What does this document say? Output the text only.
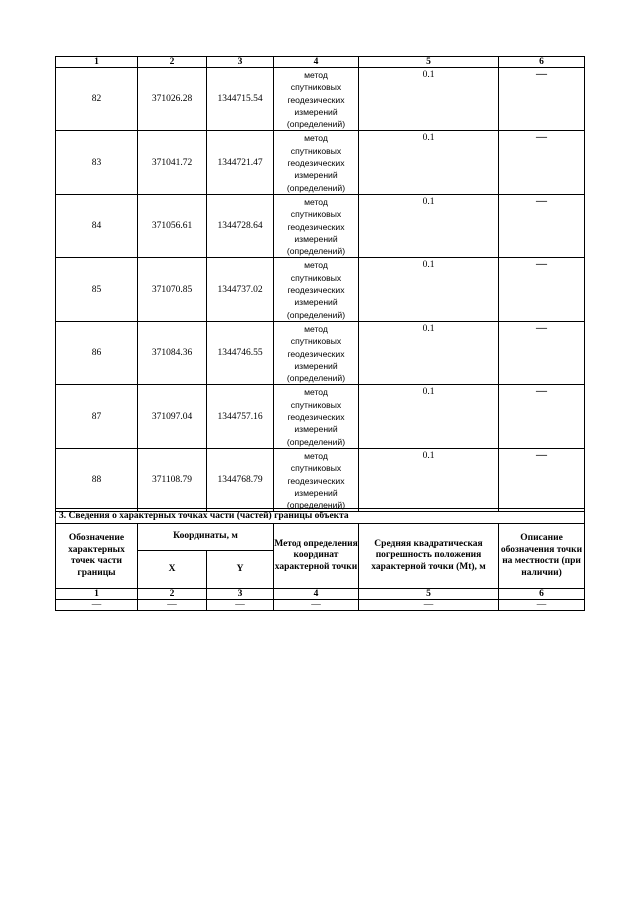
1	2	3	4	5	6
82	371026.28	1344715.54	метод
спутниковых
геодезических
измерений
(определений)	0.1	—
83	371041.72	1344721.47	метод
спутниковых
геодезических
измерений
(определений)	0.1	—
84	371056.61	1344728.64	метод
спутниковых
геодезических
измерений
(определений)	0.1	—
85	371070.85	1344737.02	метод
спутниковых
геодезических
измерений
(определений)	0.1	—
86	371084.36	1344746.55	метод
спутниковых
геодезических
измерений
(определений)	0.1	—
87	371097.04	1344757.16	метод
спутниковых
геодезических
измерений
(определений)	0.1	—
88	371108.79	1344768.79	метод
спутниковых
геодезических
измерений
(определений)	0.1	—
3. Сведения о характерных точках части (частей) границы объекта					
Обозначение характерных точек части границы	Координаты, м		Метод определения координат характерной точки	Средняя квадратическая погрешность положения характерной точки (Mt), м	Описание обозначения точки на местности (при наличии)
	X	Y			
1	2	3	4	5	6
—	—	—	—	—	—
